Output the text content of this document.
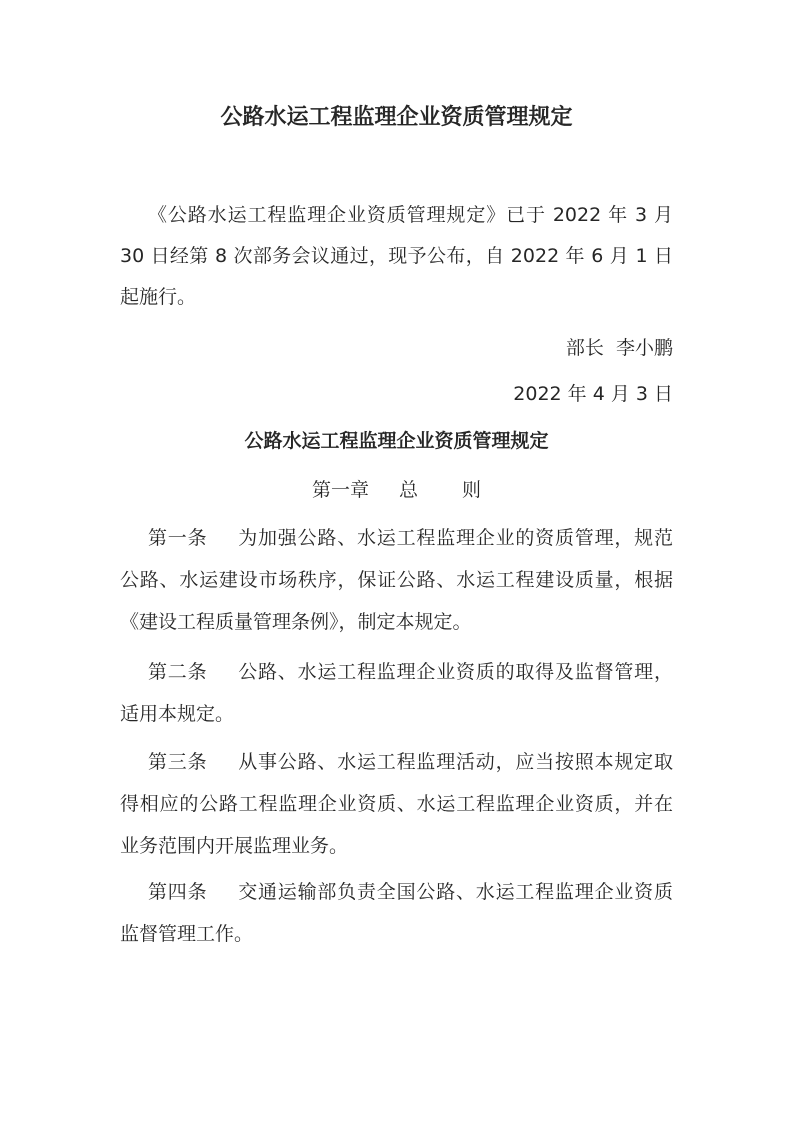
公路水运工程监理企业资质管理规定
《公路水运工程监理企业资质管理规定》已于 2022 年 3 月
30 日经第 8 次部务会议通过，现予公布，自 2022 年 6 月 1 日
起施行。
部长  李小鹏
2022 年 4 月 3 日
公路水运工程监理企业资质管理规定
第一章 总 则
第一条 为加强公路、水运工程监理企业的资质管理，规范
公路、水运建设市场秩序，保证公路、水运工程建设质量，根据
《建设工程质量管理条例》，制定本规定。
第二条 公路、水运工程监理企业资质的取得及监督管理，
适用本规定。
第三条 从事公路、水运工程监理活动，应当按照本规定取
得相应的公路工程监理企业资质、水运工程监理企业资质，并在
业务范围内开展监理业务。
第四条 交通运输部负责全国公路、水运工程监理企业资质
监督管理工作。
